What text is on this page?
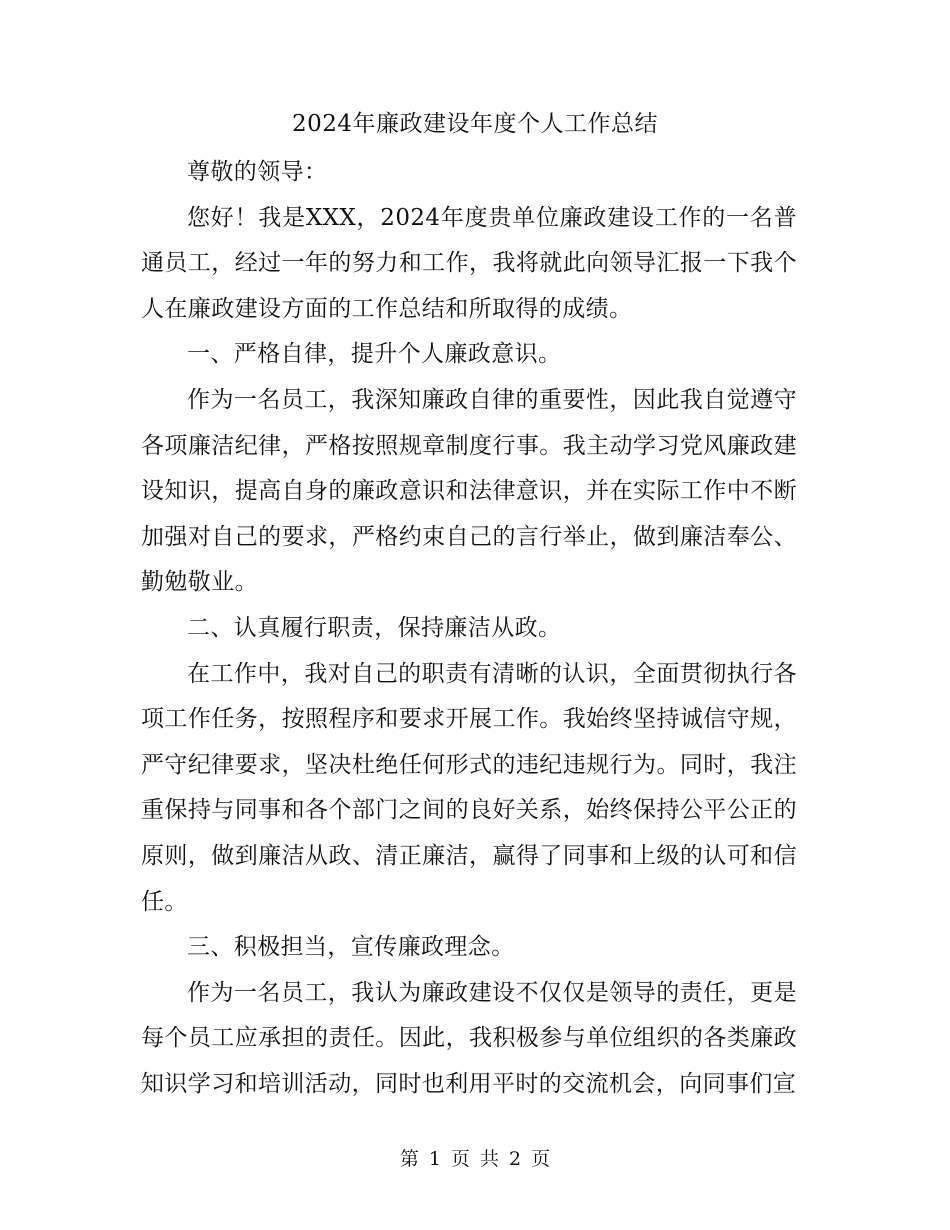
2024年廉政建设年度个人工作总结

尊敬的领导：

您好！我是XXX，2024年度贵单位廉政建设工作的一名普通员工，经过一年的努力和工作，我将就此向领导汇报一下我个人在廉政建设方面的工作总结和所取得的成绩。

一、严格自律，提升个人廉政意识。

作为一名员工，我深知廉政自律的重要性，因此我自觉遵守各项廉洁纪律，严格按照规章制度行事。我主动学习党风廉政建设知识，提高自身的廉政意识和法律意识，并在实际工作中不断加强对自己的要求，严格约束自己的言行举止，做到廉洁奉公、勤勉敬业。

二、认真履行职责，保持廉洁从政。

在工作中，我对自己的职责有清晰的认识，全面贯彻执行各项工作任务，按照程序和要求开展工作。我始终坚持诚信守规，严守纪律要求，坚决杜绝任何形式的违纪违规行为。同时，我注重保持与同事和各个部门之间的良好关系，始终保持公平公正的原则，做到廉洁从政、清正廉洁，赢得了同事和上级的认可和信任。

三、积极担当，宣传廉政理念。

作为一名员工，我认为廉政建设不仅仅是领导的责任，更是每个员工应承担的责任。因此，我积极参与单位组织的各类廉政知识学习和培训活动，同时也利用平时的交流机会，向同事们宣

第 1 页 共 2 页
